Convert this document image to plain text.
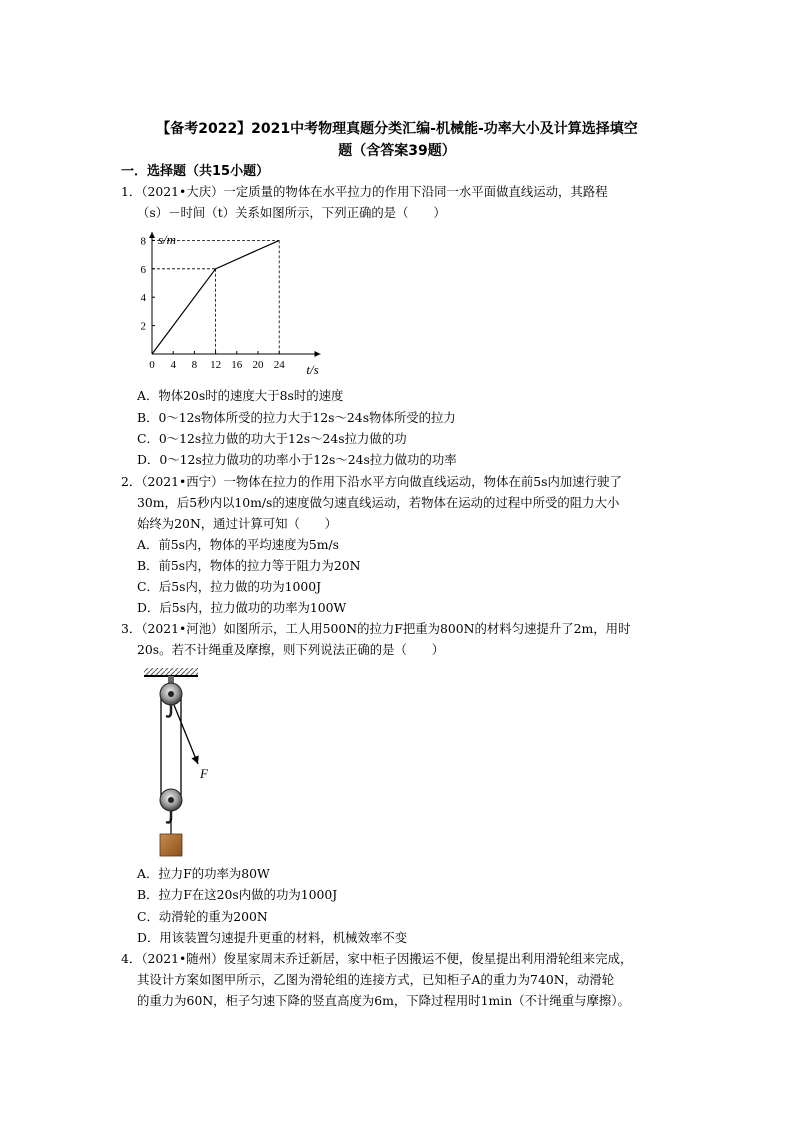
【备考2022】2021中考物理真题分类汇编-机械能-功率大小及计算选择填空
题（含答案39题）
一．选择题（共15小题）
1．（2021•大庆）一定质量的物体在水平拉力的作用下沿同一水平面做直线运动，其路程
（s）－时间（t）关系如图所示，下列正确的是（　　）
s/m
t/s
0 4 8 12 16 20 24
2
4
6
8
A．物体20s时的速度大于8s时的速度
B．0～12s物体所受的拉力大于12s～24s物体所受的拉力
C．0～12s拉力做的功大于12s～24s拉力做的功
D．0～12s拉力做功的功率小于12s～24s拉力做功的功率
2．（2021•西宁）一物体在拉力的作用下沿水平方向做直线运动，物体在前5s内加速行驶了
30m，后5秒内以10m/s的速度做匀速直线运动，若物体在运动的过程中所受的阻力大小
始终为20N，通过计算可知（　　）
A．前5s内，物体的平均速度为5m/s
B．前5s内，物体的拉力等于阻力为20N
C．后5s内，拉力做的功为1000J
D．后5s内，拉力做功的功率为100W
3．（2021•河池）如图所示，工人用500N的拉力F把重为800N的材料匀速提升了2m，用时
20s。若不计绳重及摩擦，则下列说法正确的是（　　）
F
A．拉力F的功率为80W
B．拉力F在这20s内做的功为1000J
C．动滑轮的重为200N
D．用该装置匀速提升更重的材料，机械效率不变
4．（2021•随州）俊星家周末乔迁新居，家中柜子因搬运不便，俊星提出利用滑轮组来完成，
其设计方案如图甲所示，乙图为滑轮组的连接方式，已知柜子A的重力为740N，动滑轮
的重力为60N，柜子匀速下降的竖直高度为6m，下降过程用时1min（不计绳重与摩擦）。
